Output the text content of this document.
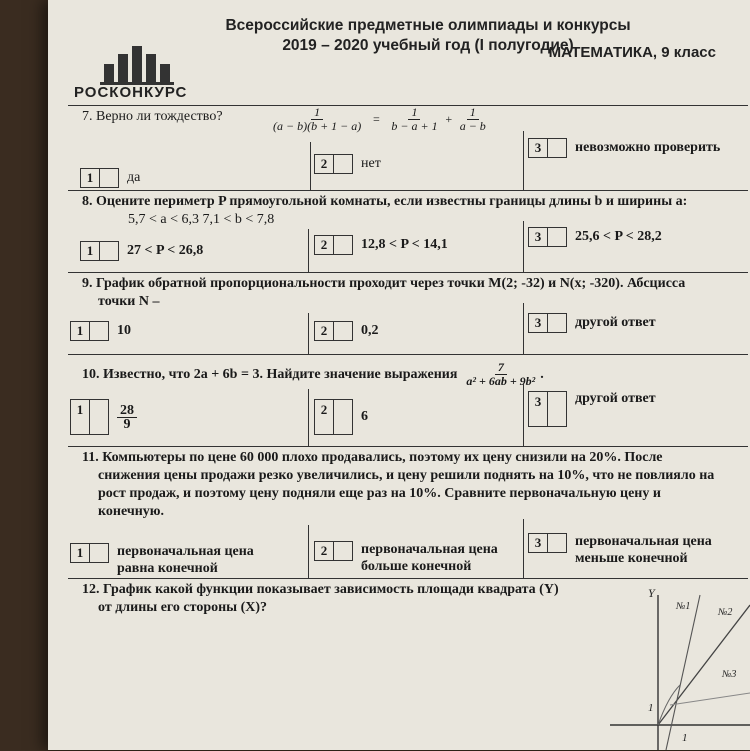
РОСКОНКУРС
Всероссийские предметные олимпиады и конкурсы
2019 – 2020 учебный год (I полугодие)
МАТЕМАТИКА, 9 класс
7. Верно ли тождество?	$\frac{1}{(a - b)(b + 1 - a)} = \frac{1}{b - a + 1} + \frac{1}{a - b}$
1	да
2	нет
3	невозможно проверить
8. Оцените периметр P прямоугольной комнаты, если известны границы длины b и ширины a:
5,7 < a < 6,3 7,1 < b < 7,8
1	27 < P < 26,8	2	12,8 < P < 14,1
3	25,6 < P < 28,2
9. График обратной пропорциональности проходит через точки M(2; -32) и N(x; -320). Абсцисса
точки N –
1	10	2	0,2
3	другой ответ
10. Известно, что 2a + 6b = 3. Найдите значение выражения $\frac{7}{\text{a² + 6ab + 9b²}}$ .
1	$\frac{28}{9}$	2	6
3	другой ответ
11. Компьютеры по цене 60 000 плохо продавались, поэтому их цену снизили на 20%. После
снижения цены продажи резко увеличились, и цену решили поднять на 10%, что не повлияло на
рост продаж, и поэтому цену подняли еще раз на 10%. Сравните первоначальную цену и
конечную.
1	первоначальная цена
равна конечной
2	первоначальная цена
больше конечной
3	первоначальная цена
меньше конечной
12. График какой функции показывает зависимость площади квадрата (Y)
от длины его стороны (X)?
Y
№1
№2
№3
1
1
